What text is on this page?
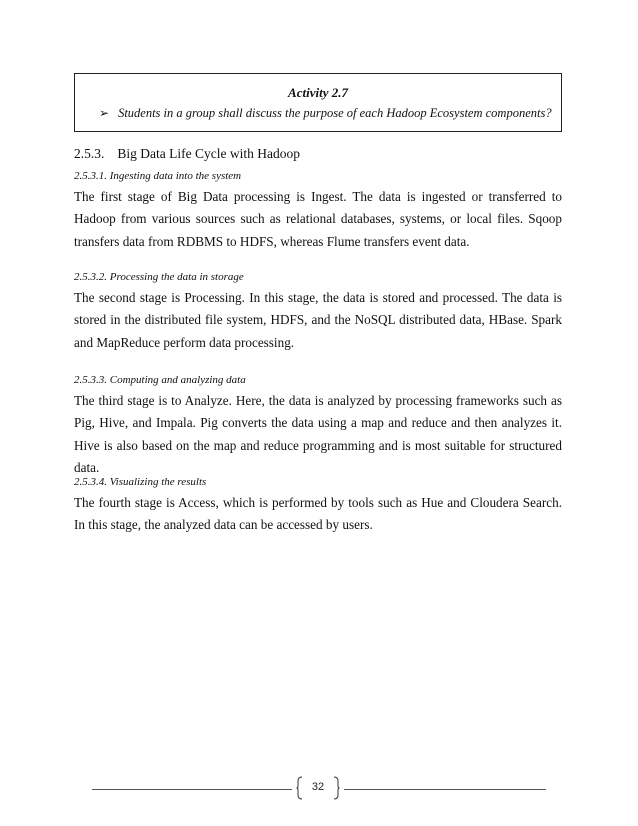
Activity 2.7
➢ Students in a group shall discuss the purpose of each Hadoop Ecosystem components?
2.5.3. Big Data Life Cycle with Hadoop
2.5.3.1. Ingesting data into the system
The first stage of Big Data processing is Ingest. The data is ingested or transferred to Hadoop from various sources such as relational databases, systems, or local files. Sqoop transfers data from RDBMS to HDFS, whereas Flume transfers event data.
2.5.3.2. Processing the data in storage
The second stage is Processing. In this stage, the data is stored and processed. The data is stored in the distributed file system, HDFS, and the NoSQL distributed data, HBase. Spark and MapReduce perform data processing.
2.5.3.3. Computing and analyzing data
The third stage is to Analyze. Here, the data is analyzed by processing frameworks such as Pig, Hive, and Impala. Pig converts the data using a map and reduce and then analyzes it. Hive is also based on the map and reduce programming and is most suitable for structured data.
2.5.3.4. Visualizing the results
The fourth stage is Access, which is performed by tools such as Hue and Cloudera Search. In this stage, the analyzed data can be accessed by users.
32
